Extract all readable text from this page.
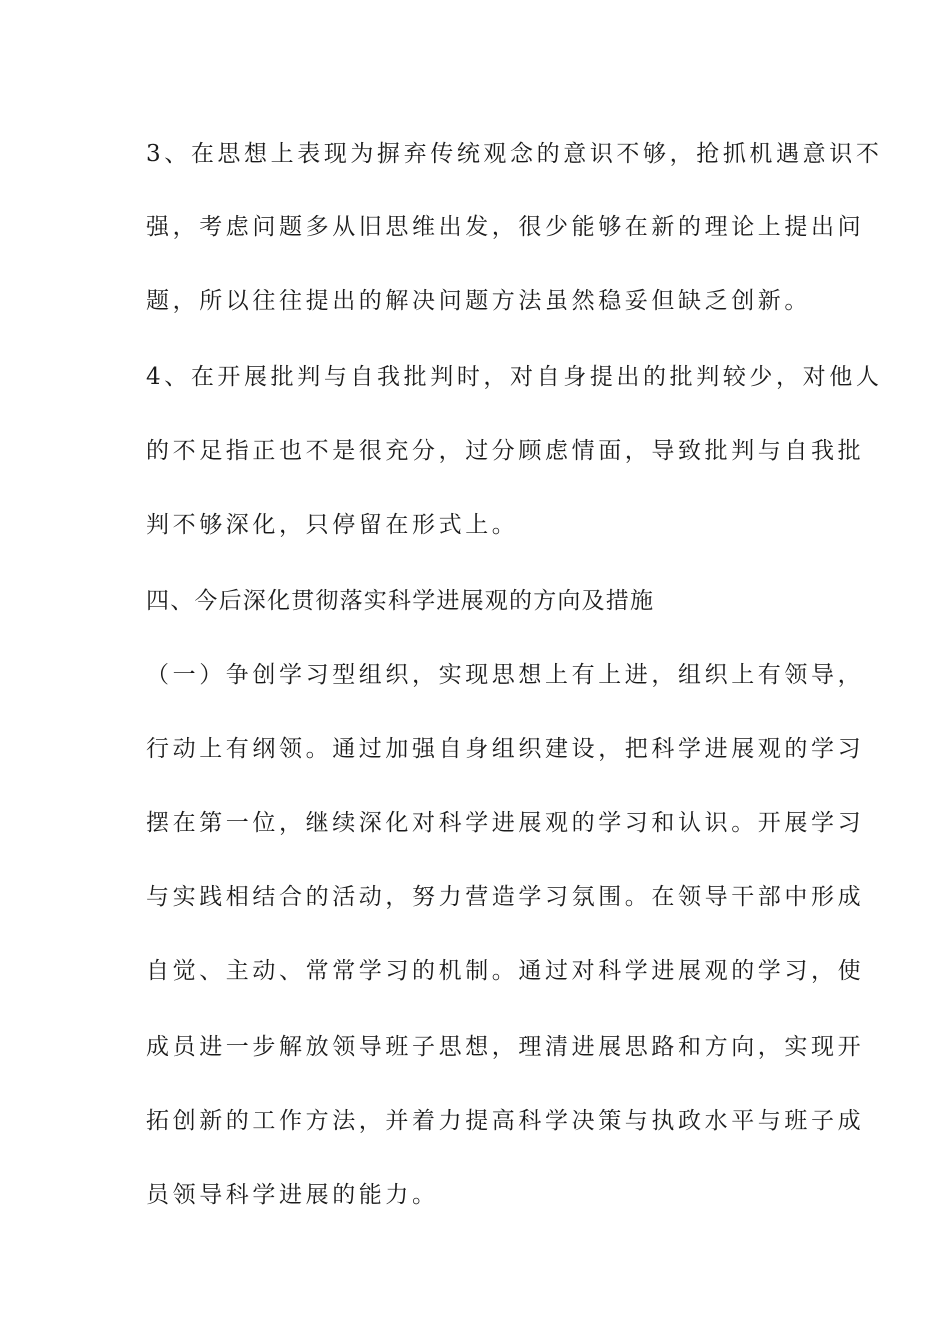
3、在思想上表现为摒弃传统观念的意识不够，抢抓机遇意识不
强，考虑问题多从旧思维出发，很少能够在新的理论上提出问
题，所以往往提出的解决问题方法虽然稳妥但缺乏创新。
4、在开展批判与自我批判时，对自身提出的批判较少，对他人
的不足指正也不是很充分，过分顾虑情面，导致批判与自我批
判不够深化，只停留在形式上。
四、今后深化贯彻落实科学进展观的方向及措施
（一）争创学习型组织，实现思想上有上进，组织上有领导，
行动上有纲领。通过加强自身组织建设，把科学进展观的学习
摆在第一位，继续深化对科学进展观的学习和认识。开展学习
与实践相结合的活动，努力营造学习氛围。在领导干部中形成
自觉、主动、常常学习的机制。通过对科学进展观的学习，使
成员进一步解放领导班子思想，理清进展思路和方向，实现开
拓创新的工作方法，并着力提高科学决策与执政水平与班子成
员领导科学进展的能力。
